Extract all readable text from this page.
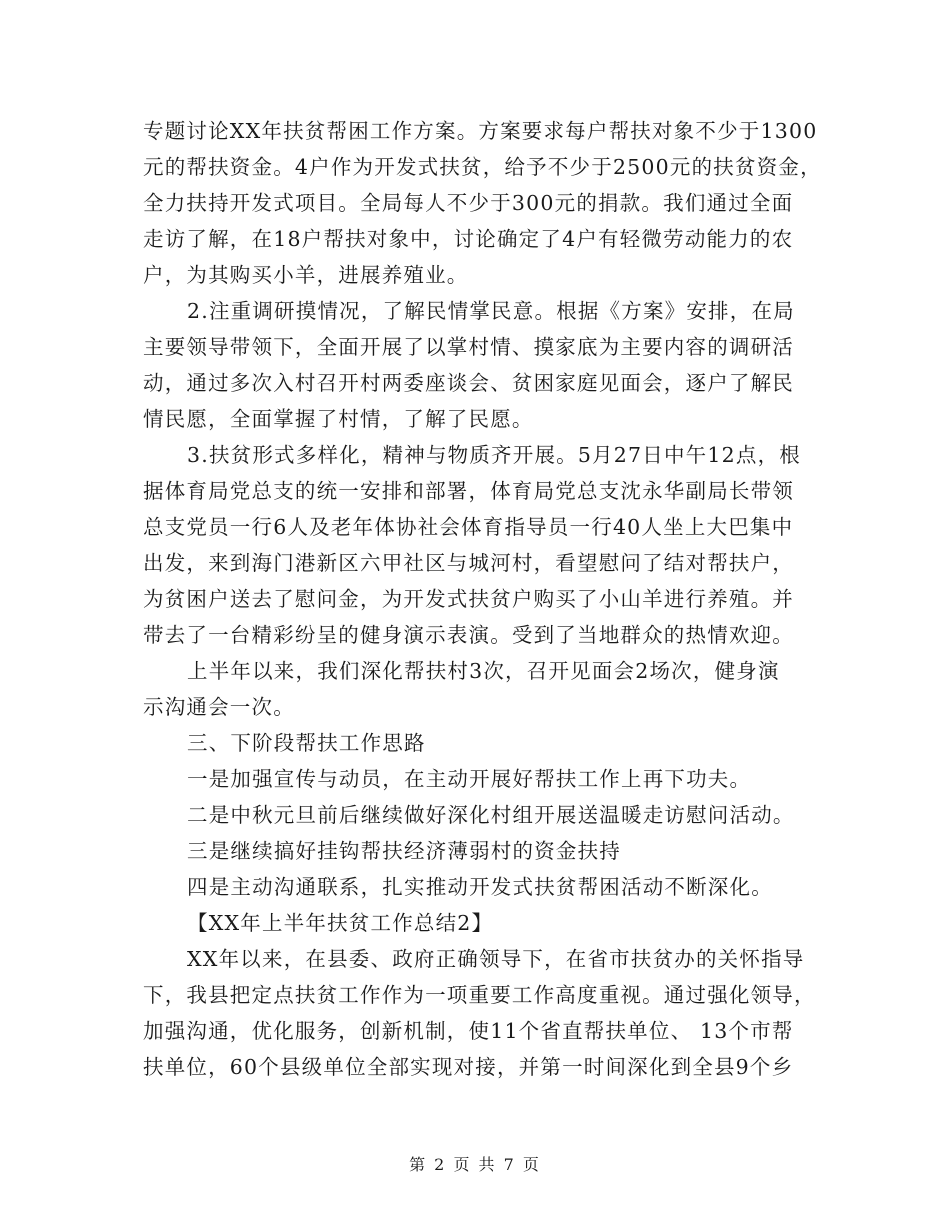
专题讨论XX年扶贫帮困工作方案。方案要求每户帮扶对象不少于1300
元的帮扶资金。4户作为开发式扶贫，给予不少于2500元的扶贫资金，
全力扶持开发式项目。全局每人不少于300元的捐款。我们通过全面
走访了解，在18户帮扶对象中，讨论确定了4户有轻微劳动能力的农
户，为其购买小羊，进展养殖业。
2.注重调研摸情况，了解民情掌民意。根据《方案》安排，在局
主要领导带领下，全面开展了以掌村情、摸家底为主要内容的调研活
动，通过多次入村召开村两委座谈会、贫困家庭见面会，逐户了解民
情民愿，全面掌握了村情，了解了民愿。
3.扶贫形式多样化，精神与物质齐开展。5月27日中午12点，根
据体育局党总支的统一安排和部署，体育局党总支沈永华副局长带领
总支党员一行6人及老年体协社会体育指导员一行40人坐上大巴集中
出发，来到海门港新区六甲社区与城河村，看望慰问了结对帮扶户，
为贫困户送去了慰问金，为开发式扶贫户购买了小山羊进行养殖。并
带去了一台精彩纷呈的健身演示表演。受到了当地群众的热情欢迎。
上半年以来，我们深化帮扶村3次，召开见面会2场次，健身演
示沟通会一次。
三、下阶段帮扶工作思路
一是加强宣传与动员，在主动开展好帮扶工作上再下功夫。
二是中秋元旦前后继续做好深化村组开展送温暖走访慰问活动。
三是继续搞好挂钩帮扶经济薄弱村的资金扶持
四是主动沟通联系，扎实推动开发式扶贫帮困活动不断深化。
【XX年上半年扶贫工作总结2】
XX年以来，在县委、政府正确领导下，在省市扶贫办的关怀指导
下，我县把定点扶贫工作作为一项重要工作高度重视。通过强化领导，
加强沟通，优化服务，创新机制，使11个省直帮扶单位、 13个市帮
扶单位，60个县级单位全部实现对接，并第一时间深化到全县9个乡
第 2 页 共 7 页
